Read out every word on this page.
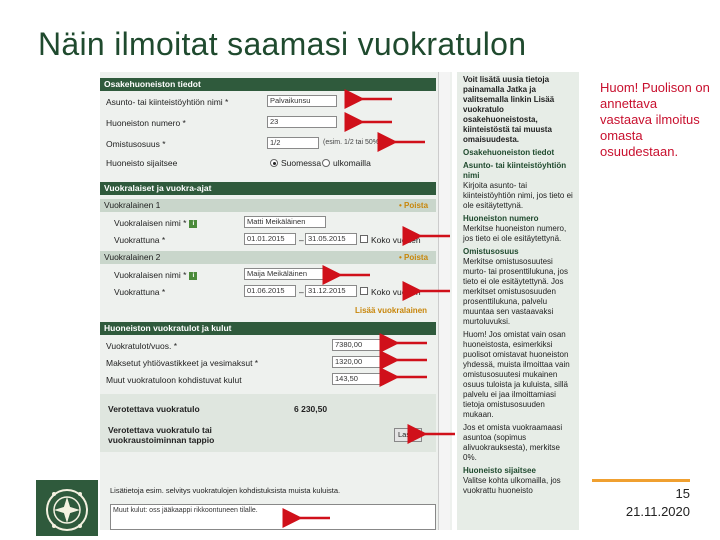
Näin ilmoitat saamasi vuokratulon
Osakehuoneiston tiedot
Asunto- tai kiinteistöyhtiön nimi *	Palvaikunsu
Huoneiston numero *	23
Omistusosuus *	1/2	(esim. 1/2 tai 50%)
Huoneisto sijaitsee	Suomessa ulkomailla
Vuokralaiset ja vuokra-ajat
Vuokralainen 1	• Poista
Vuokralaisen nimi * i	Matti Meikäläinen
Vuokrattuna *	01.01.2015	– 31.05.2015	Koko vuoden
Vuokralainen 2	• Poista
Vuokralaisen nimi * i	Maija Meikäläinen
Vuokrattuna *	01.06.2015	– 31.12.2015	Koko vuoden
Lisää vuokralainen
Huoneiston vuokratulot ja kulut
Vuokratulot/vuos. *	7380,00
Maksetut yhtiövastikkeet ja vesimaksut *	1320,00
Muut vuokratuloon kohdistuvat kulut	143,50
Verotettava vuokratulo	6 230,50
Verotettava vuokratulo tai vuokraustoiminnan tappio
Laske
Lisätietoja esim. selvitys vuokratulojen kohdistuksista muista kuluista.
Muut kulut: oss jääkaappi rikkoontuneen tilalle.
Voit lisätä uusia tietoja painamalla Jatka ja valitsemalla linkin Lisää vuokratulo osakehuoneistosta, kiinteistöstä tai muusta omaisuudesta.
Osakehuoneiston tiedot
Asunto- tai kiinteistöyhtiön nimi
Kirjoita asunto- tai kiinteistöyhtiön nimi, jos tieto ei ole esitäytettynä.
Huoneiston numero
Merkitse huoneiston numero, jos tieto ei ole esitäytettynä.
Omistusosuus
Merkitse omistusosuutesi murto- tai prosenttilukuna, jos tieto ei ole esitäytettynä. Jos merkitset omistusosuuden prosenttilukuna, palvelu muuntaa sen vastaavaksi murtoluvuksi.
Huom! Jos omistat vain osan huoneistosta, esimerkiksi puolisot omistavat huoneiston yhdessä, muista ilmoittaa vain omistusosuutesi mukainen osuus tuloista ja kuluista, sillä palvelu ei jaa ilmoittamiasi tietoja omistusosuuden mukaan.
Jos et omista vuokraamaasi asuntoa (sopimus alivuokrauksesta), merkitse 0%.
Huoneisto sijaitsee
Valitse kohta ulkomailla, jos vuokrattu huoneisto
Huom! Puolison on annettava vastaava ilmoitus omasta osuudestaan.
15
21.11.2020
